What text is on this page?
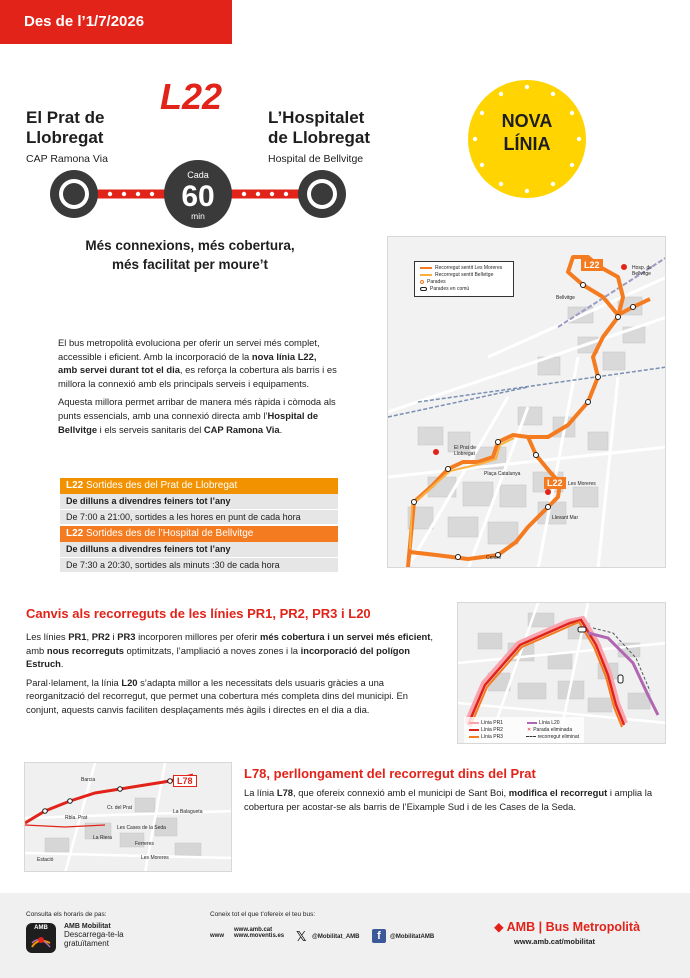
Des de l’1/7/2026
El Prat de
Llobregat
CAP Ramona Via
L22
L’Hospitalet
de Llobregat
Hospital de Bellvitge
Cada
60
min
NOVA
LÍNIA
Més connexions, més cobertura,
més facilitat per moure’t

El bus metropolità evoluciona per oferir un servei més complet, accessible i eficient. Amb la incorporació de la nova línia L22, amb servei durant tot el dia, es reforça la cobertura als barris i es millora la connexió amb els principals serveis i equipaments.

Aquesta millora permet arribar de manera més ràpida i còmoda als punts essencials, amb una connexió directa amb l’Hospital de Bellvitge i els serveis sanitaris del CAP Ramona Via.

L22 Sortides des del Prat de Llobregat
De dilluns a divendres feiners tot l’any
De 7:00 a 21:00, sortides a les hores en punt de cada hora
L22 Sortides des de l’Hospital de Bellvitge
De dilluns a divendres feiners tot l’any
De 7:30 a 20:30, sortides als minuts :30 de cada hora
Recorregut sentit Les Moreres
Recorregut sentit Bellvitge
Parades
Parades en comú
L22
L22
Bellvitge
Hosp. de Bellvitge
El Prat de Llobregat
Plaça Catalunya
Les Moreres
Llevant Mar
Centre
Canvis als recorreguts de les línies PR1, PR2, PR3 i L20

Les línies PR1, PR2 i PR3 incorporen millores per oferir més cobertura i un servei més eficient, amb nous recorreguts optimitzats, l’ampliació a noves zones i la incorporació del polígon Estruch.

Paral·lelament, la línia L20 s’adapta millor a les necessitats dels usuaris gràcies a una reorganització del recorregut, que permet una cobertura més completa dins del municipi. En conjunt, aquests canvis faciliten desplaçaments més àgils i directes en el dia a dia.

Línia PR1	Línia L20
Línia PR2	✕ Parada eliminada
Línia PR3	recorregut eliminat
L78
Barcia
La Balagueta
Les Cases de la Seda
Ferreres
La Riera
Les Moreres
Rbla. Prat
Cr. del Prat
Estació
L78, perllongament del recorregut dins del Prat

La línia L78, que ofereix connexió amb el municipi de Sant Boi, modifica el recorregut i amplia la cobertura per acostar-se als barris de l’Eixample Sud i de les Cases de la Seda.

Consulta els horaris de pas:
AMB	AMB Mobilitat
Descarrega-te-la
gratuïtament
Coneix tot el que t’ofereix el teu bus:
www
www.amb.cat
www.moventis.es 𝕏 @Mobilitat_AMB	f	@MobilitatAMB
◆ AMB | Bus Metropolità
www.amb.cat/mobilitat
